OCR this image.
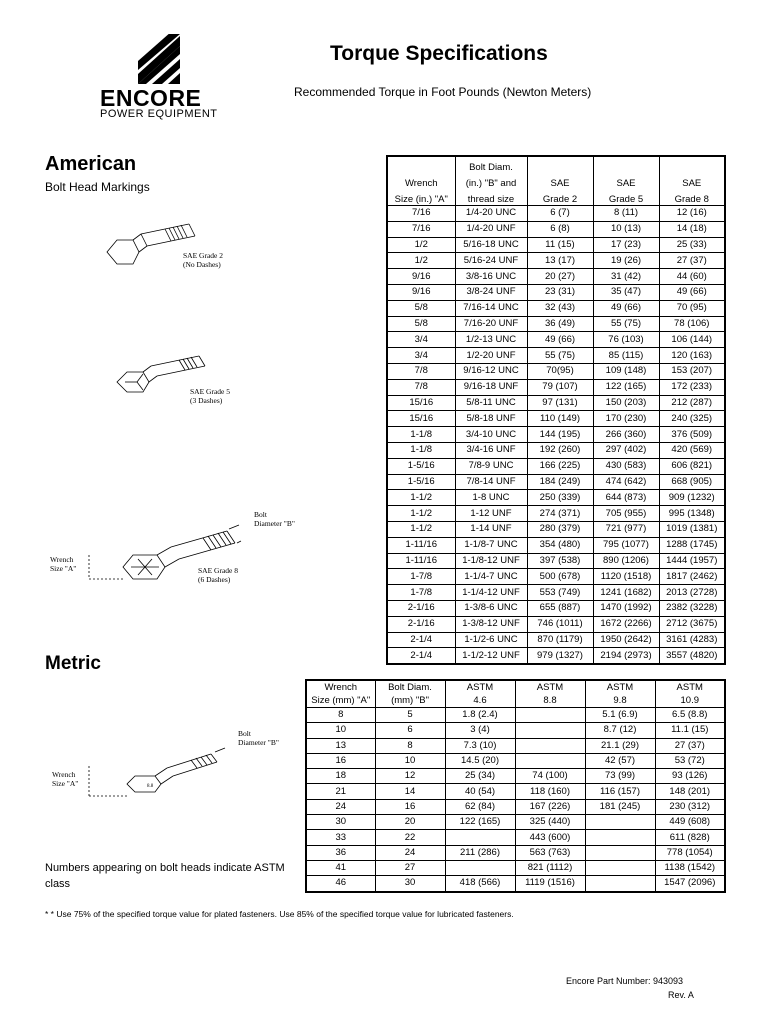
ENCORE
POWER EQUIPMENT
Torque Specifications
Recommended Torque in Foot Pounds (Newton Meters)
American
Bolt Head Markings
SAE Grade 2
(No Dashes)
SAE Grade 5
(3 Dashes)
Bolt
Diameter "B"
Wrench
Size "A"	SAE Grade 8
(6 Dashes)
	Bolt Diam.			
Wrench	(in.) "B" and	SAE	SAE	SAE
Size (in.) "A"	thread size	Grade 2	Grade 5	Grade 8
7/16	1/4-20 UNC	6 (7)	8 (11)	12 (16)
7/16	1/4-20 UNF	6 (8)	10 (13)	14 (18)
1/2	5/16-18 UNC	11 (15)	17 (23)	25 (33)
1/2	5/16-24 UNF	13 (17)	19 (26)	27 (37)
9/16	3/8-16 UNC	20 (27)	31 (42)	44 (60)
9/16	3/8-24 UNF	23 (31)	35 (47)	49 (66)
5/8	7/16-14 UNC	32 (43)	49 (66)	70 (95)
5/8	7/16-20 UNF	36 (49)	55 (75)	78 (106)
3/4	1/2-13 UNC	49 (66)	76 (103)	106 (144)
3/4	1/2-20 UNF	55 (75)	85 (115)	120 (163)
7/8	9/16-12 UNC	70(95)	109 (148)	153 (207)
7/8	9/16-18 UNF	79 (107)	122 (165)	172 (233)
15/16	5/8-11 UNC	97 (131)	150 (203)	212 (287)
15/16	5/8-18 UNF	110 (149)	170 (230)	240 (325)
1-1/8	3/4-10 UNC	144 (195)	266 (360)	376 (509)
1-1/8	3/4-16 UNF	192 (260)	297 (402)	420 (569)
1-5/16	7/8-9 UNC	166 (225)	430 (583)	606 (821)
1-5/16	7/8-14 UNF	184 (249)	474 (642)	668 (905)
1-1/2	1-8 UNC	250 (339)	644 (873)	909 (1232)
1-1/2	1-12 UNF	274 (371)	705 (955)	995 (1348)
1-1/2	1-14 UNF	280 (379)	721 (977)	1019 (1381)
1-11/16	1-1/8-7 UNC	354 (480)	795 (1077)	1288 (1745)
1-11/16	1-1/8-12 UNF	397 (538)	890 (1206)	1444 (1957)
1-7/8	1-1/4-7 UNC	500 (678)	1120 (1518)	1817 (2462)
1-7/8	1-1/4-12 UNF	553 (749)	1241 (1682)	2013 (2728)
2-1/16	1-3/8-6 UNC	655 (887)	1470 (1992)	2382 (3228)
2-1/16	1-3/8-12 UNF	746 (1011)	1672 (2266)	2712 (3675)
2-1/4	1-1/2-6 UNC	870 (1179)	1950 (2642)	3161 (4283)
2-1/4	1-1/2-12 UNF	979 (1327)	2194 (2973)	3557 (4820)
Metric
8.8
Bolt
Diameter "B"
Wrench
Size "A"
Numbers appearing on bolt heads indicate ASTM class
Wrench	Bolt Diam.	ASTM	ASTM	ASTM	ASTM
Size (mm) "A"	(mm) "B"	4.6	8.8	9.8	10.9
8	5	1.8 (2.4)		5.1 (6.9)	6.5 (8.8)
10	6	3 (4)		8.7 (12)	11.1 (15)
13	8	7.3 (10)		21.1 (29)	27 (37)
16	10	14.5 (20)		42 (57)	53 (72)
18	12	25 (34)	74 (100)	73 (99)	93 (126)
21	14	40 (54)	118 (160)	116 (157)	148 (201)
24	16	62 (84)	167 (226)	181 (245)	230 (312)
30	20	122 (165)	325 (440)		449 (608)
33	22		443 (600)		611 (828)
36	24	211 (286)	563 (763)		778 (1054)
41	27		821 (1112)		1138 (1542)
46	30	418 (566)	1119 (1516)		1547 (2096)
* * Use 75% of the specified torque value for plated fasteners. Use 85% of the specified torque value for lubricated fasteners.
Encore Part Number: 943093
Rev. A
